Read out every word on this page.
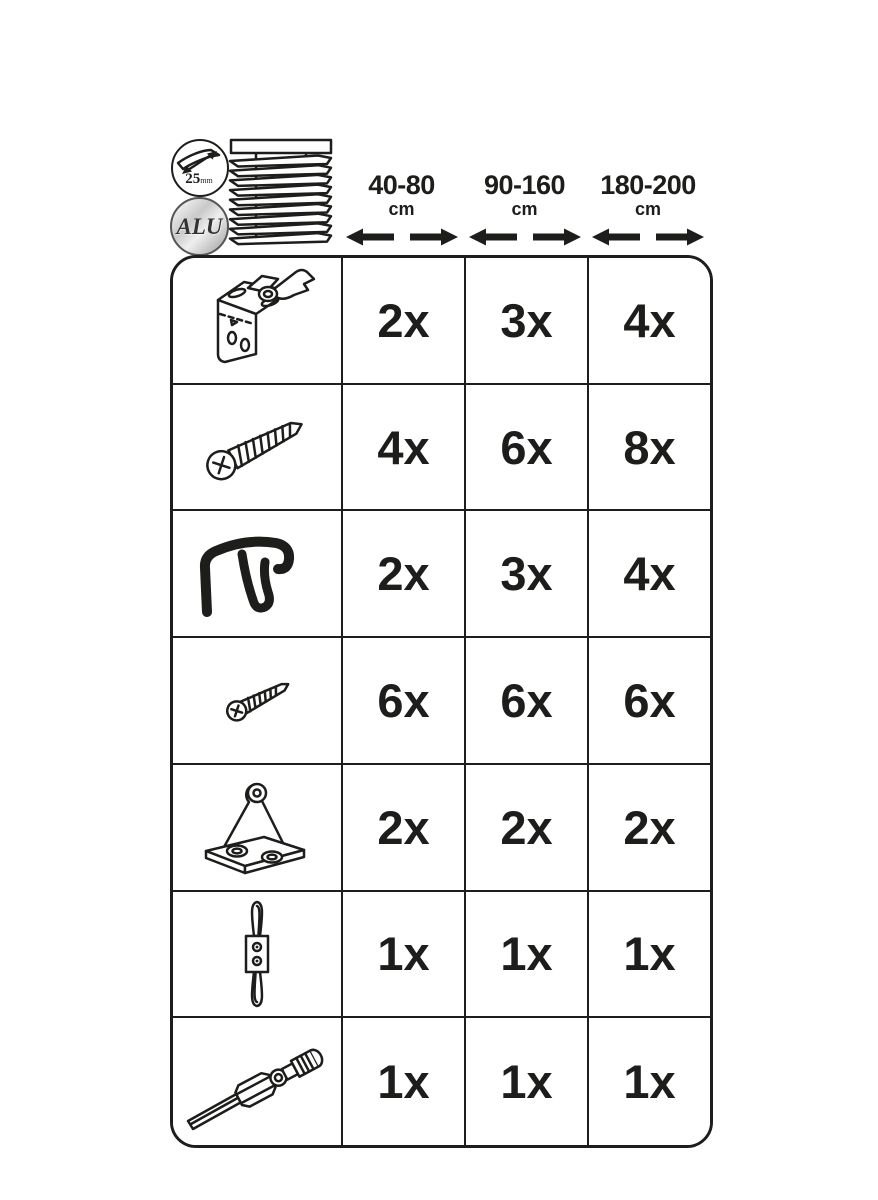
25mm
ALU
40-80
cm
90-160
cm
180-200
cm
2x 3x 4x
4x 6x 8x
2x 3x 4x
6x 6x 6x
2x 2x 2x
1x 1x 1x
1x 1x 1x
